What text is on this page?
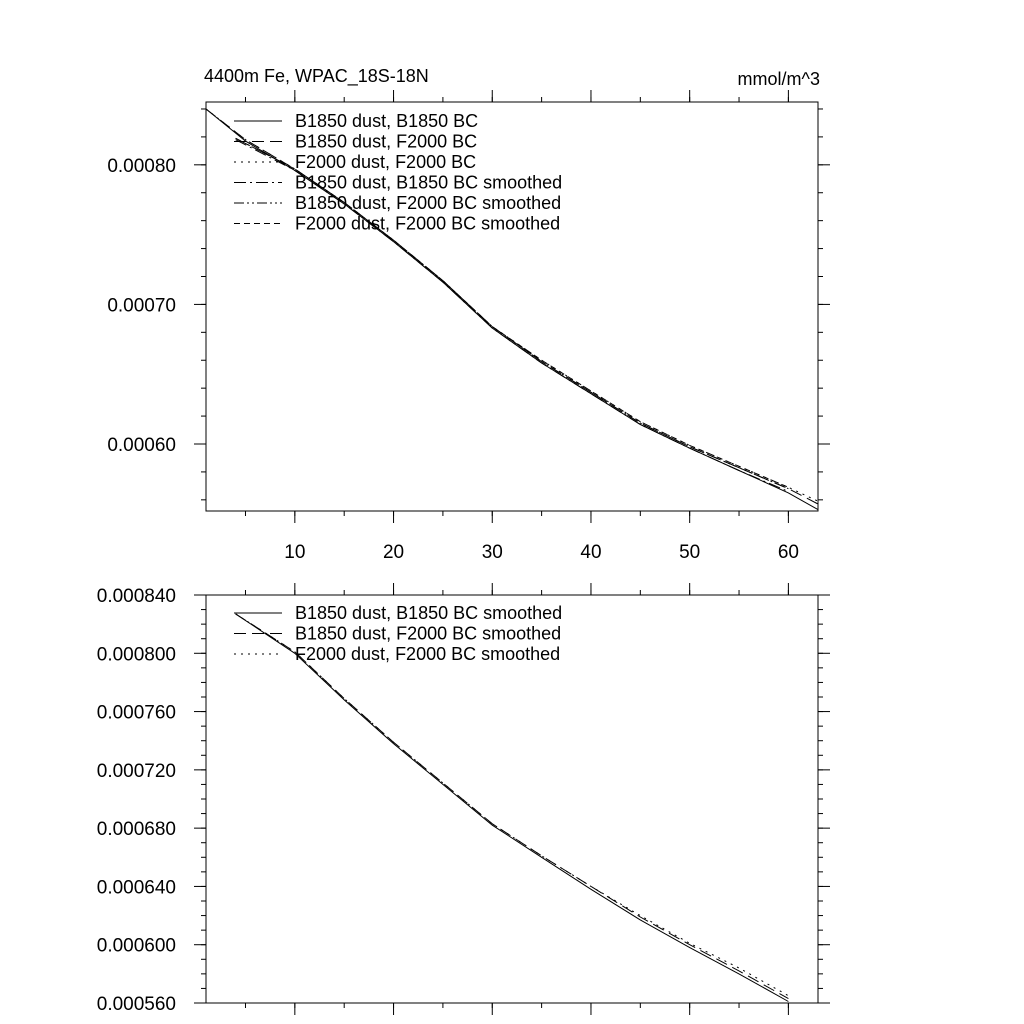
0.00060
0.00070
0.00080
10	20	30	40	50	60
4400m Fe, WPAC_18S-18N	mmol/m^3
B1850 dust, B1850 BC
B1850 dust, F2000 BC
F2000 dust, F2000 BC
B1850 dust, B1850 BC smoothed
B1850 dust, F2000 BC smoothed
F2000 dust, F2000 BC smoothed
0.000560
0.000600
0.000640
0.000680
0.000720
0.000760
0.000800
0.000840
B1850 dust, B1850 BC smoothed
B1850 dust, F2000 BC smoothed
F2000 dust, F2000 BC smoothed
